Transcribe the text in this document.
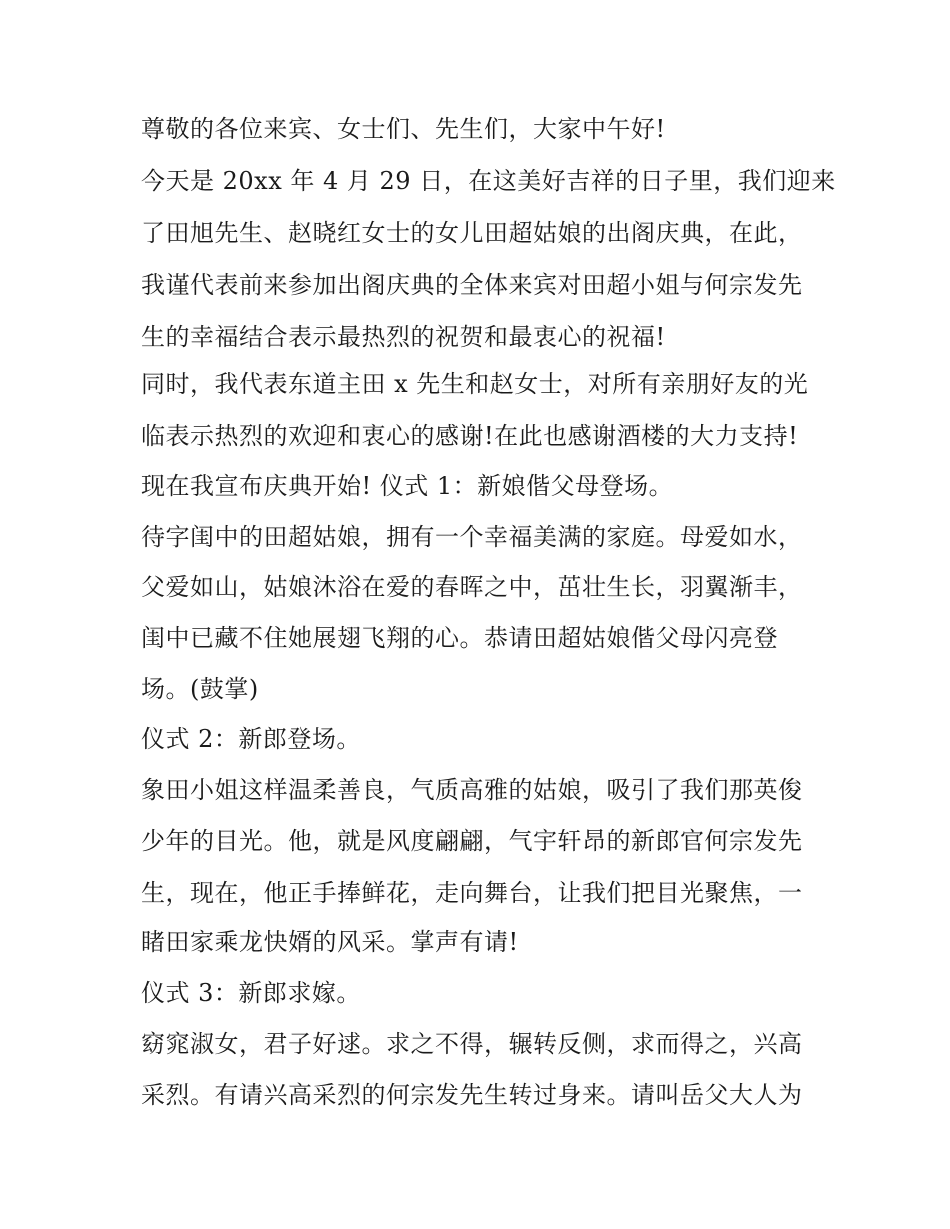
尊敬的各位来宾、女士们、先生们，大家中午好!
今天是 20xx 年 4 月 29 日，在这美好吉祥的日子里，我们迎来
了田旭先生、赵晓红女士的女儿田超姑娘的出阁庆典，在此，
我谨代表前来参加出阁庆典的全体来宾对田超小姐与何宗发先
生的幸福结合表示最热烈的祝贺和最衷心的祝福!
同时，我代表东道主田 x 先生和赵女士，对所有亲朋好友的光
临表示热烈的欢迎和衷心的感谢!在此也感谢酒楼的大力支持!
现在我宣布庆典开始! 仪式 1：新娘偕父母登场。
待字闺中的田超姑娘，拥有一个幸福美满的家庭。母爱如水，
父爱如山，姑娘沐浴在爱的春晖之中，茁壮生长，羽翼渐丰，
闺中已藏不住她展翅飞翔的心。恭请田超姑娘偕父母闪亮登
场。(鼓掌)
仪式 2：新郎登场。
象田小姐这样温柔善良，气质高雅的姑娘，吸引了我们那英俊
少年的目光。他，就是风度翩翩，气宇轩昂的新郎官何宗发先
生，现在，他正手捧鲜花，走向舞台，让我们把目光聚焦，一
睹田家乘龙快婿的风采。掌声有请!
仪式 3：新郎求嫁。
窈窕淑女，君子好逑。求之不得，辗转反侧，求而得之，兴高
采烈。有请兴高采烈的何宗发先生转过身来。请叫岳父大人为
